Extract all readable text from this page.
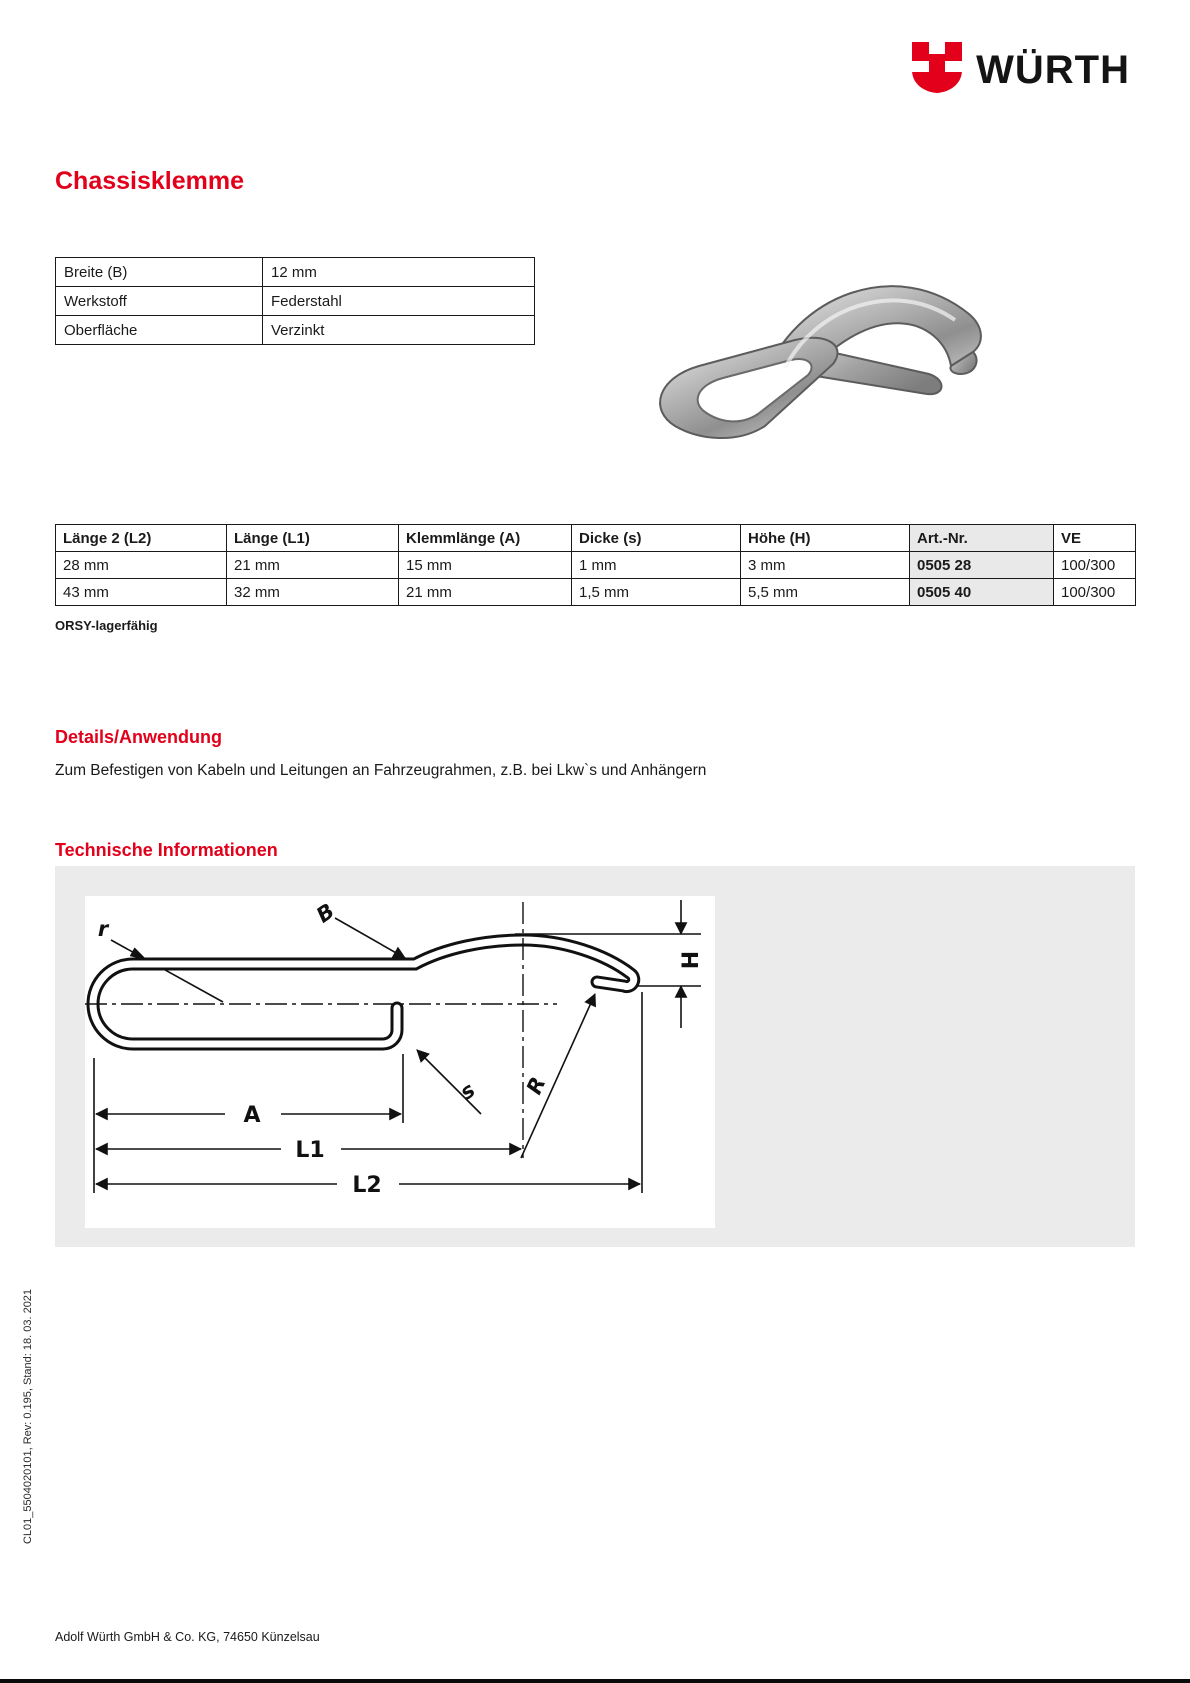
WÜRTH
Chassisklemme
Breite (B)	12 mm
Werkstoff	Federstahl
Oberfläche	Verzinkt
Länge 2 (L2)	Länge (L1)	Klemmlänge (A)	Dicke (s)	Höhe (H)	Art.-Nr.	VE
28 mm	21 mm	15 mm	1 mm	3 mm	0505 28	100/300
43 mm	32 mm	21 mm	1,5 mm	5,5 mm	0505 40	100/300

ORSY-lagerfähig

Details/Anwendung

Zum Befestigen von Kabeln und Leitungen an Fahrzeugrahmen, z.B. bei Lkw`s und Anhängern

Technische Informationen
A
L1
L2
H
r
B
s R
CL01_5504020101, Rev: 0.195, Stand: 18. 03. 2021

Adolf Würth GmbH & Co. KG, 74650 Künzelsau
